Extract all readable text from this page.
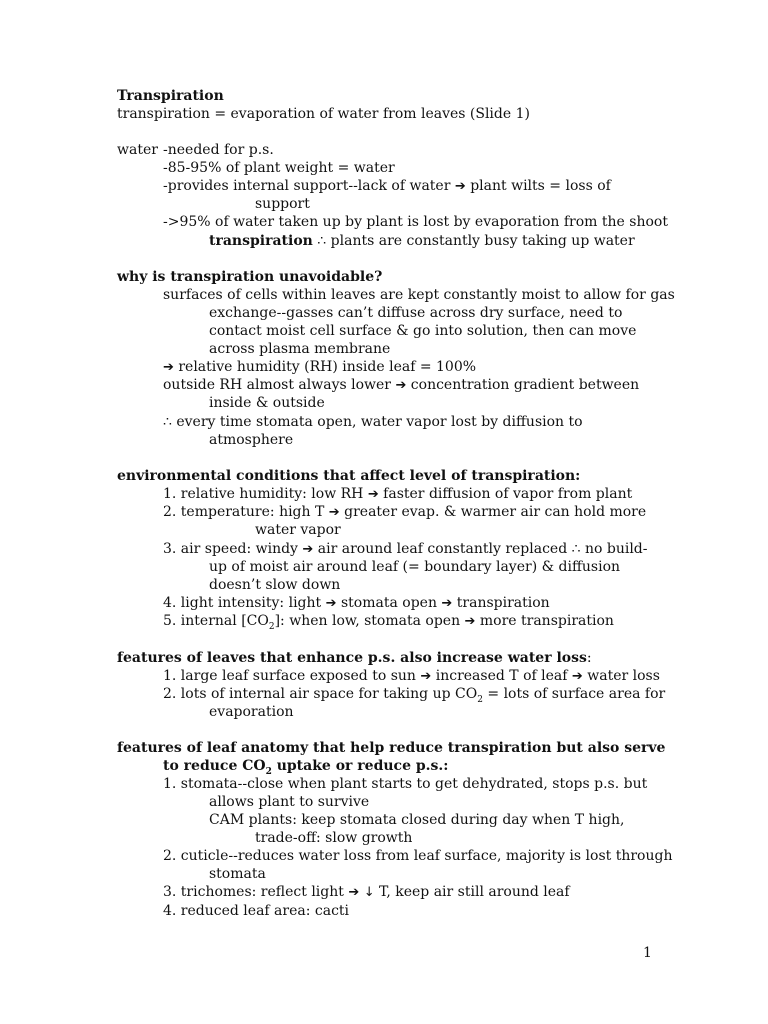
Transpiration
transpiration = evaporation of water from leaves (Slide 1)
water -needed for p.s.
-85-95% of plant weight = water
-provides internal support--lack of water ➔ plant wilts = loss of
support
->95% of water taken up by plant is lost by evaporation from the shoot
transpiration ∴ plants are constantly busy taking up water
why is transpiration unavoidable?
surfaces of cells within leaves are kept constantly moist to allow for gas
exchange--gasses can’t diffuse across dry surface, need to
contact moist cell surface & go into solution, then can move
across plasma membrane
➔ relative humidity (RH) inside leaf = 100%
outside RH almost always lower ➔ concentration gradient between
inside & outside
∴ every time stomata open, water vapor lost by diffusion to
atmosphere
environmental conditions that affect level of transpiration:
1. relative humidity: low RH ➔ faster diffusion of vapor from plant
2. temperature: high T ➔ greater evap. & warmer air can hold more
water vapor
3. air speed: windy ➔ air around leaf constantly replaced ∴ no build-
up of moist air around leaf (= boundary layer) & diffusion
doesn’t slow down
4. light intensity: light ➔ stomata open ➔ transpiration
5. internal $[CO_2]$: when low, stomata open ➔ more transpiration
features of leaves that enhance p.s. also increase water loss:
1. large leaf surface exposed to sun ➔ increased T of leaf ➔ water loss
2. lots of internal air space for taking up $CO_2$ = lots of surface area for
evaporation
features of leaf anatomy that help reduce transpiration but also serve
to reduce $CO_2$ uptake or reduce p.s.:
1. stomata--close when plant starts to get dehydrated, stops p.s. but
allows plant to survive
CAM plants: keep stomata closed during day when T high,
trade-off: slow growth
2. cuticle--reduces water loss from leaf surface, majority is lost through
stomata
3. trichomes: reflect light ➔ ↓ T, keep air still around leaf
4. reduced leaf area: cacti
1
